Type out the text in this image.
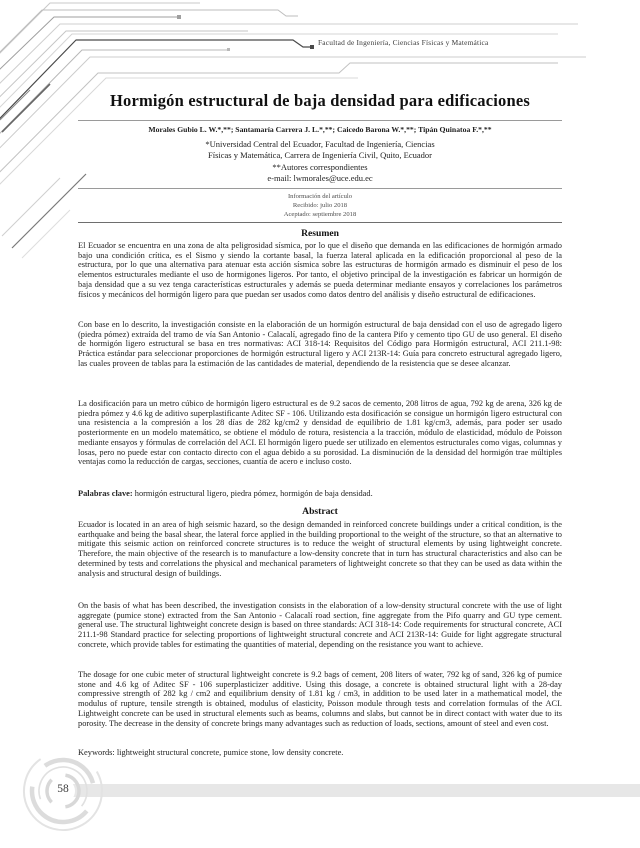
Facultad de Ingeniería, Ciencias Físicas y Matemática
Hormigón estructural de baja densidad para edificaciones
Morales Gubio L. W.*,**; Santamaría Carrera J. L.*,**; Caicedo Barona W.*,**; Tipán Quinatoa F.*,**
*Universidad Central del Ecuador, Facultad de Ingeniería, Ciencias
Físicas y Matemática, Carrera de Ingeniería Civil, Quito, Ecuador
**Autores correspondientes
e-mail: lwmorales@uce.edu.ec
Información del artículo
Recibido: julio 2018
Aceptado: septiembre 2018
Resumen
El Ecuador se encuentra en una zona de alta peligrosidad sísmica, por lo que el diseño que demanda en las edificaciones de hormigón armado bajo una condición crítica, es el Sismo y siendo la cortante basal, la fuerza lateral aplicada en la edificación proporcional al peso de la estructura, por lo que una alternativa para atenuar esta acción sísmica sobre las estructuras de hormigón armado es disminuir el peso de los elementos estructurales mediante el uso de hormigones ligeros. Por tanto, el objetivo principal de la investigación es fabricar un hormigón de baja densidad que a su vez tenga características estructurales y además se pueda determinar mediante ensayos y correlaciones los parámetros físicos y mecánicos del hormigón ligero para que puedan ser usados como datos dentro del análisis y diseño estructural de edificaciones.
Con base en lo descrito, la investigación consiste en la elaboración de un hormigón estructural de baja densidad con el uso de agregado ligero (piedra pómez) extraída del tramo de vía San Antonio - Calacalí, agregado fino de la cantera Pifo y cemento tipo GU de uso general. El diseño de hormigón ligero estructural se basa en tres normativas: ACI 318-14: Requisitos del Código para Hormigón estructural, ACI 211.1-98: Práctica estándar para seleccionar proporciones de hormigón estructural ligero y ACI 213R-14: Guía para concreto estructural agregado ligero, las cuales proveen de tablas para la estimación de las cantidades de material, dependiendo de la resistencia que se desee alcanzar.
La dosificación para un metro cúbico de hormigón ligero estructural es de 9.2 sacos de cemento, 208 litros de agua, 792 kg de arena, 326 kg de piedra pómez y 4.6 kg de aditivo superplastificante Aditec SF - 106. Utilizando esta dosificación se consigue un hormigón ligero estructural con una resistencia a la compresión a los 28 días de 282 kg/cm2 y densidad de equilibrio de 1.81 kg/cm3, además, para poder ser usado posteriormente en un modelo matemático, se obtiene el módulo de rotura, resistencia a la tracción, módulo de elasticidad, módulo de Poisson mediante ensayos y fórmulas de correlación del ACI. El hormigón ligero puede ser utilizado en elementos estructurales como vigas, columnas y losas, pero no puede estar con contacto directo con el agua debido a su porosidad. La disminución de la densidad del hormigón trae múltiples ventajas como la reducción de cargas, secciones, cuantía de acero e incluso costo.
Palabras clave: hormigón estructural ligero, piedra pómez, hormigón de baja densidad.
Abstract
Ecuador is located in an area of high seismic hazard, so the design demanded in reinforced concrete buildings under a critical condition, is the earthquake and being the basal shear, the lateral force applied in the building proportional to the weight of the structure, so that an alternative to mitigate this seismic action on reinforced concrete structures is to reduce the weight of structural elements by using lightweight concrete. Therefore, the main objective of the research is to manufacture a low-density concrete that in turn has structural characteristics and also can be determined by tests and correlations the physical and mechanical parameters of lightweight concrete so that they can be used as data within the analysis and structural design of buildings.
On the basis of what has been described, the investigation consists in the elaboration of a low-density structural concrete with the use of light aggregate (pumice stone) extracted from the San Antonio - Calacalí road section, fine aggregate from the Pifo quarry and GU type cement. general use. The structural lightweight concrete design is based on three standards: ACI 318-14: Code requirements for structural concrete, ACI 211.1-98 Standard practice for selecting proportions of lightweight structural concrete and ACI 213R-14: Guide for light aggregate structural concrete, which provide tables for estimating the quantities of material, depending on the resistance you want to achieve.
The dosage for one cubic meter of structural lightweight concrete is 9.2 bags of cement, 208 liters of water, 792 kg of sand, 326 kg of pumice stone and 4.6 kg of Aditec SF - 106 superplasticizer additive. Using this dosage, a concrete is obtained structural light with a 28-day compressive strength of 282 kg / cm2 and equilibrium density of 1.81 kg / cm3, in addition to be used later in a mathematical model, the modulus of rupture, tensile strength is obtained, modulus of elasticity, Poisson module through tests and correlation formulas of the ACI. Lightweight concrete can be used in structural elements such as beams, columns and slabs, but cannot be in direct contact with water due to its porosity. The decrease in the density of concrete brings many advantages such as reduction of loads, sections, amount of steel and even cost.
Keywords: lightweight structural concrete, pumice stone, low density concrete.
58
